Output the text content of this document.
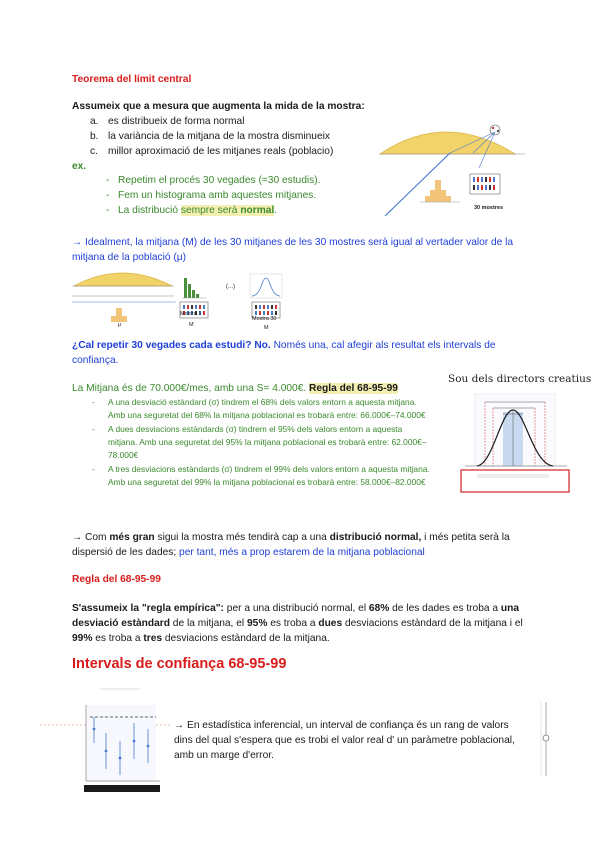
Teorema del límit central
Assumeix que a mesura que augmenta la mida de la mostra:
a. es distribueix de forma normal
b. la variància de la mitjana de la mostra disminueix
c. millor aproximació de les mitjanes reals (poblacio)
ex.
- Repetim el procés 30 vegades (=30 estudis).
- Fem un histograma amb aquestes mitjanes.
- La distribució sempre serà normal.	30 mostres
→ Idealment, la mitjana (M) de les 30 mitjanes de les 30 mostres serà igual al vertader valor de la mitjana de la població (μ)
μ
Mostra 1
M
(...)
Mostra 30
M
¿Cal repetir 30 vegades cada estudi? No. Només una, cal afegir als resultat els intervals de confiança.
La Mitjana és de 70.000€/mes, amb una S= 4.000€. Regla del 68-95-99
-	A una desviació estàndard (σ) tindrem el 68% dels valors entorn a aquesta mitjana. Amb una seguretat del 68% la mitjana poblacional es trobarà entre: 66.000€–74.000€
-	A dues desviacions estàndards (σ) tindrem el 95% dels valors entorn a aquesta mitjana. Amb una seguretat del 95% la mitjana poblacional es trobarà entre: 62.000€–78.000€
-	A tres desviacions estàndards (σ) tindrem el 99% dels valors entorn a aquesta mitjana. Amb una seguretat del 99% la mitjana poblacional es trobarà entre: 58.000€–82.000€
Sou dels directors creatius
→ Com més gran sigui la mostra més tendirà cap a una distribució normal, i més petita serà la dispersió de les dades; per tant, més a prop estarem de la mitjana poblacional
Regla del 68-95-99
S'assumeix la "regla empírica": per a una distribució normal, el 68% de les dades es troba a una desviació estàndard de la mitjana, el 95% es troba a dues desviacions estàndard de la mitjana i el 99% es troba a tres desviacions estàndard de la mitjana.
Intervals de confiança 68-95-99
→ En estadística inferencial, un interval de confiança és un rang de valors dins del qual s'espera que es trobi el valor real d' un paràmetre poblacional, amb un marge d'error.
